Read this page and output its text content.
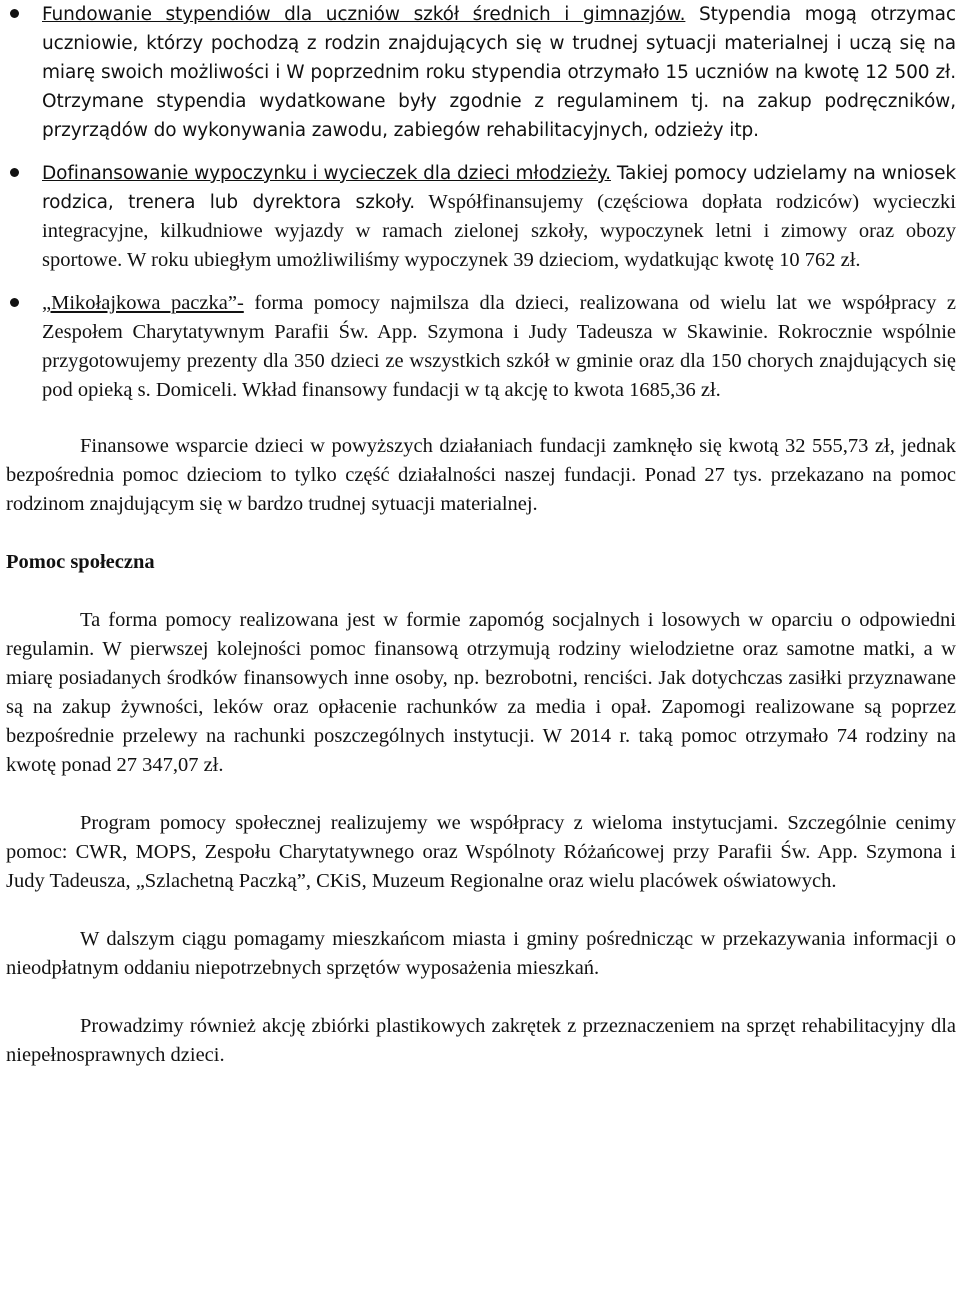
Fundowanie stypendiów dla uczniów szkół średnich i gimnazjów. Stypendia mogą otrzymac uczniowie, którzy pochodzą z rodzin znajdujących się w trudnej sytuacji materialnej i uczą się na miarę swoich możliwości i W poprzednim roku stypendia otrzymało 15 uczniów na kwotę 12 500 zł. Otrzymane stypendia wydatkowane były zgodnie z regulaminem tj. na zakup podręczników, przyrządów do wykonywania zawodu, zabiegów rehabilitacyjnych, odzieży itp.

Dofinansowanie wypoczynku i wycieczek dla dzieci młodzieży. Takiej pomocy udzielamy na wniosek rodzica, trenera lub dyrektora szkoły. Współfinansujemy (częściowa dopłata rodziców) wycieczki integracyjne, kilkudniowe wyjazdy w ramach zielonej szkoły, wypoczynek letni i zimowy oraz obozy sportowe. W roku ubiegłym umożliwiliśmy wypoczynek 39 dzieciom, wydatkując kwotę 10 762 zł.

„Mikołajkowa paczka”- forma pomocy najmilsza dla dzieci, realizowana od wielu lat we współpracy z Zespołem Charytatywnym Parafii Św. App. Szymona i Judy Tadeusza w Skawinie. Rokrocznie wspólnie przygotowujemy prezenty dla 350 dzieci ze wszystkich szkół w gminie oraz dla 150 chorych znajdujących się pod opieką s. Domiceli. Wkład finansowy fundacji w tą akcję to kwota 1685,36 zł.

Finansowe wsparcie dzieci w powyższych działaniach fundacji zamknęło się kwotą 32 555,73 zł, jednak bezpośrednia pomoc dzieciom to tylko część działalności naszej fundacji. Ponad 27 tys. przekazano na pomoc rodzinom znajdującym się w bardzo trudnej sytuacji materialnej.

Pomoc społeczna

Ta forma pomocy realizowana jest w formie zapomóg socjalnych i losowych w oparciu o odpowiedni regulamin. W pierwszej kolejności pomoc finansową otrzymują rodziny wielodzietne oraz samotne matki, a w miarę posiadanych środków finansowych inne osoby, np. bezrobotni, renciści. Jak dotychczas zasiłki przyznawane są na zakup żywności, leków oraz opłacenie rachunków za media i opał. Zapomogi realizowane są poprzez bezpośrednie przelewy na rachunki poszczególnych instytucji. W 2014 r. taką pomoc otrzymało 74 rodziny na kwotę ponad 27 347,07 zł.

Program pomocy społecznej realizujemy we współpracy z wieloma instytucjami. Szczególnie cenimy pomoc: CWR, MOPS, Zespołu Charytatywnego oraz Wspólnoty Różańcowej przy Parafii Św. App. Szymona i Judy Tadeusza, „Szlachetną Paczką”, CKiS, Muzeum Regionalne oraz wielu placówek oświatowych.

W dalszym ciągu pomagamy mieszkańcom miasta i gminy pośrednicząc w przekazywania informacji o nieodpłatnym oddaniu niepotrzebnych sprzętów wyposażenia mieszkań.

Prowadzimy również akcję zbiórki plastikowych zakrętek z przeznaczeniem na sprzęt rehabilitacyjny dla niepełnosprawnych dzieci.
